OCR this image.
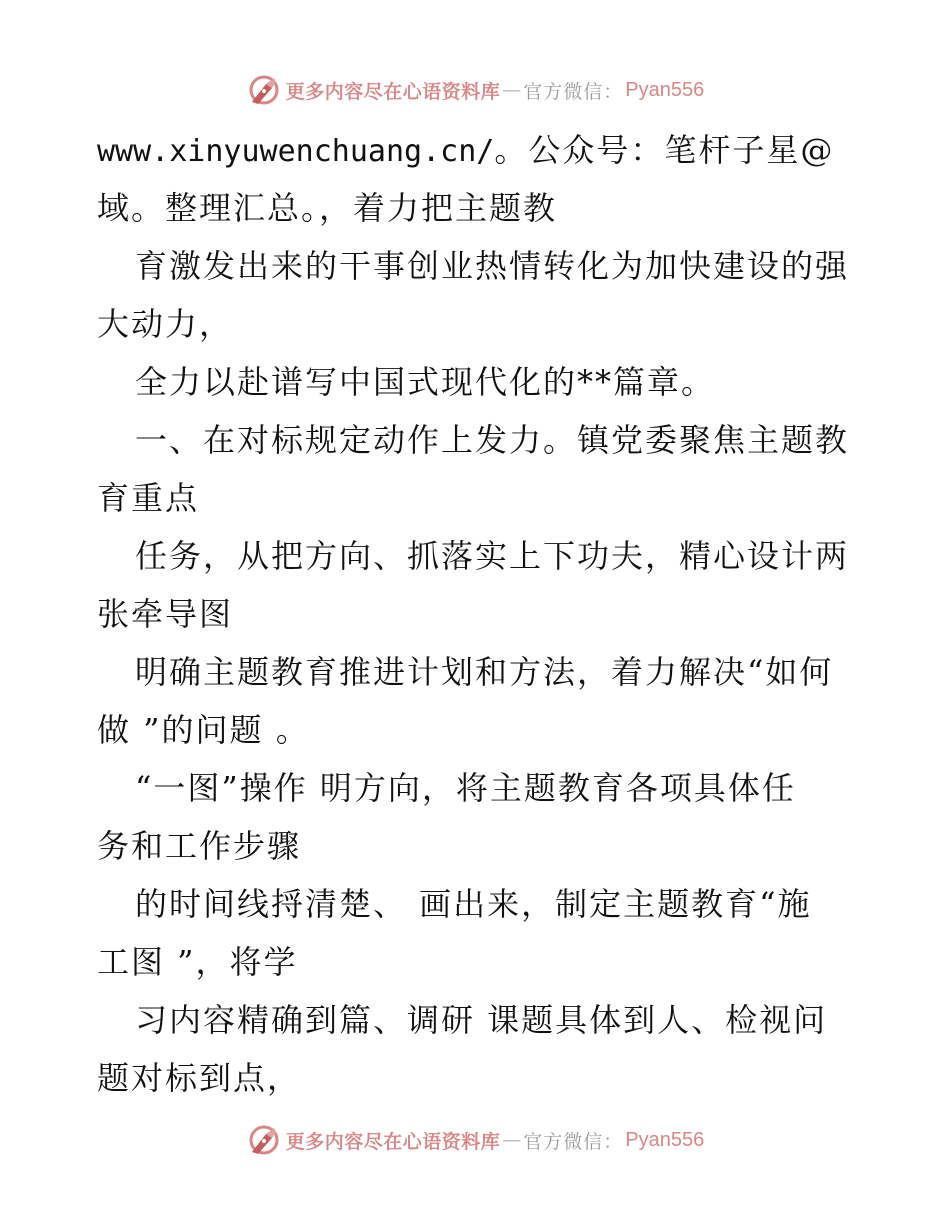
更多内容尽在心语资料库 — 官方微信： Pyan556
www.xinyuwenchuang.cn/。公众号：笔杆子星@
域。整理汇总。，着力把主题教
育激发出来的干事创业热情转化为加快建设的强
大动力，
全力以赴谱写中国式现代化的**篇章。
一、在对标规定动作上发力。镇党委聚焦主题教
育重点
任务，从把方向、抓落实上下功夫，精心设计两
张牵导图
明确主题教育推进计划和方法，着力解决“如何
做 ”的问题 。
“一图”操作 明方向，将主题教育各项具体任
务和工作步骤
的时间线捋清楚、 画出来，制定主题教育“施
工图 ”，将学
习内容精确到篇、调研 课题具体到人、检视问
题对标到点，
更多内容尽在心语资料库 — 官方微信： Pyan556
